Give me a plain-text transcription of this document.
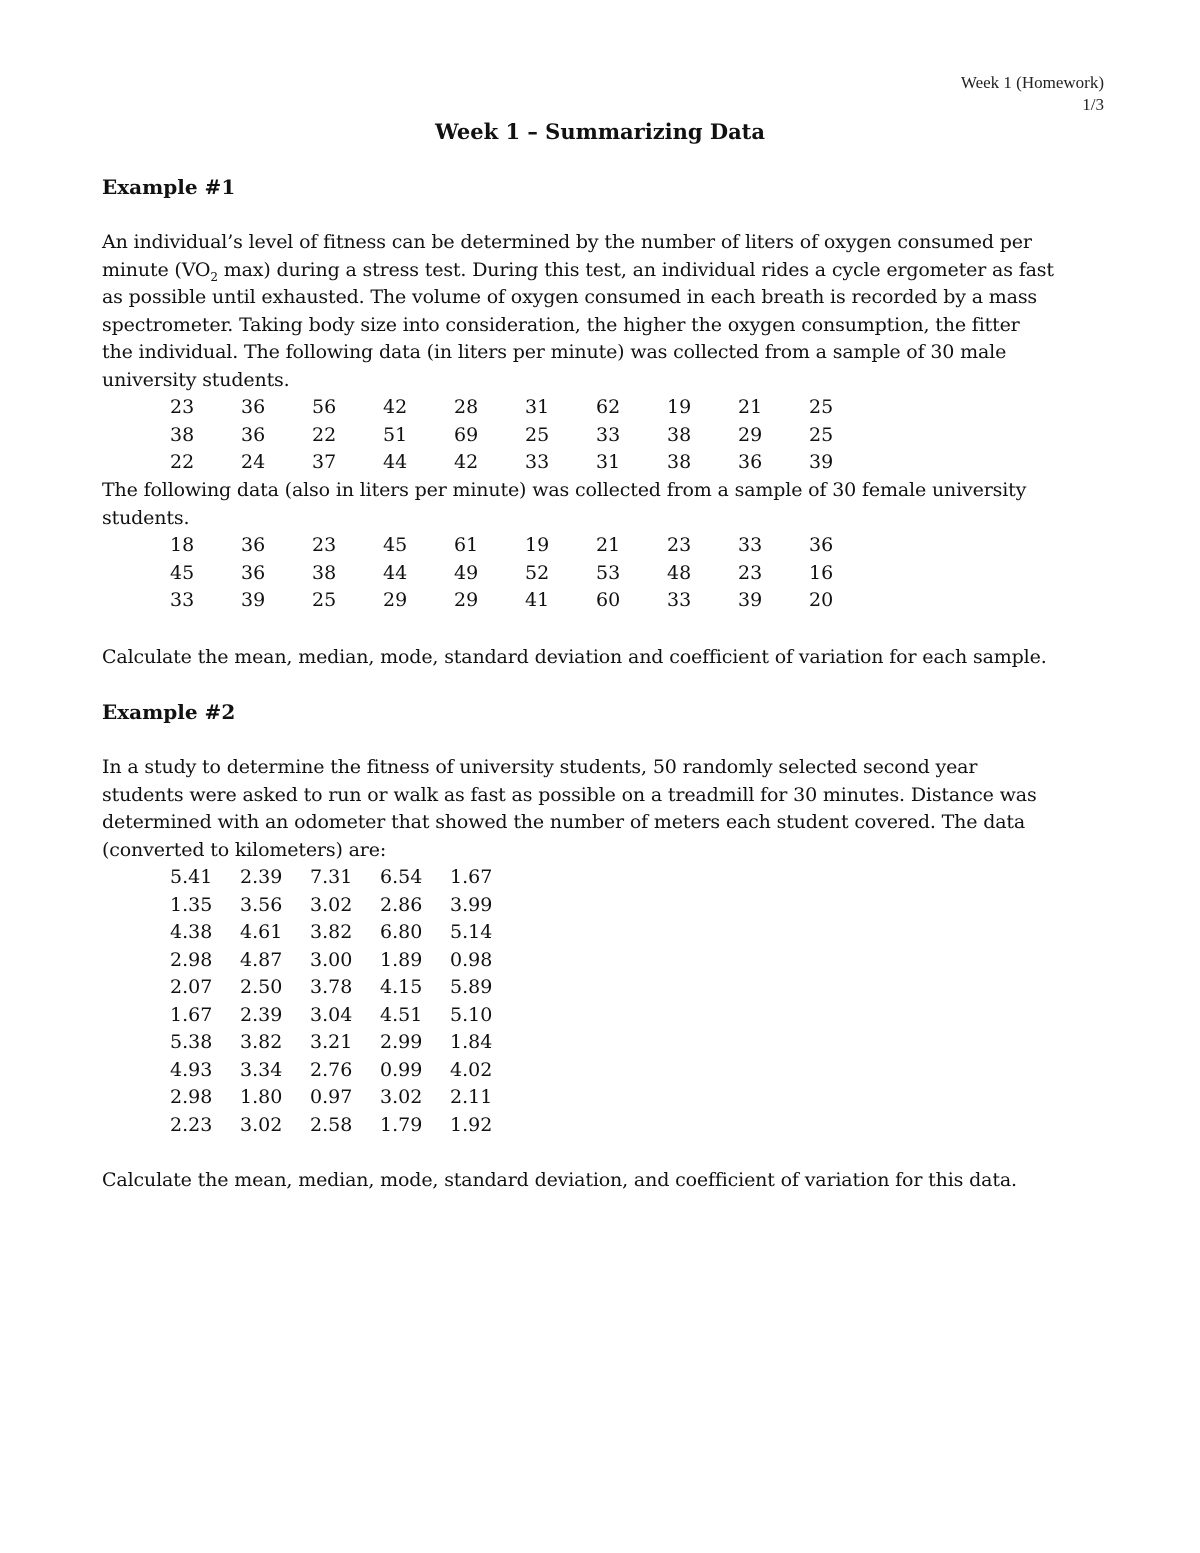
Week 1 (Homework)
1/3
Week 1 – Summarizing Data
Example #1
An individual’s level of fitness can be determined by the number of liters of oxygen consumed per
minute ($VO_2$ max) during a stress test. During this test, an individual rides a cycle ergometer as fast
as possible until exhausted. The volume of oxygen consumed in each breath is recorded by a mass
spectrometer. Taking body size into consideration, the higher the oxygen consumption, the fitter
the individual. The following data (in liters per minute) was collected from a sample of 30 male
university students.
23	36	56	42	28	31	62	19	21	25
38	36	22	51	69	25	33	38	29	25
22	24	37	44	42	33	31	38	36	39
The following data (also in liters per minute) was collected from a sample of 30 female university
students.
18	36	23	45	61	19	21	23	33	36
45	36	38	44	49	52	53	48	23	16
33	39	25	29	29	41	60	33	39	20
Calculate the mean, median, mode, standard deviation and coefficient of variation for each sample.
Example #2
In a study to determine the fitness of university students, 50 randomly selected second year
students were asked to run or walk as fast as possible on a treadmill for 30 minutes. Distance was
determined with an odometer that showed the number of meters each student covered. The data
(converted to kilometers) are:
5.41	2.39	7.31	6.54	1.67
1.35	3.56	3.02	2.86	3.99
4.38	4.61	3.82	6.80	5.14
2.98	4.87	3.00	1.89	0.98
2.07	2.50	3.78	4.15	5.89
1.67	2.39	3.04	4.51	5.10
5.38	3.82	3.21	2.99	1.84
4.93	3.34	2.76	0.99	4.02
2.98	1.80	0.97	3.02	2.11
2.23	3.02	2.58	1.79	1.92
Calculate the mean, median, mode, standard deviation, and coefficient of variation for this data.
